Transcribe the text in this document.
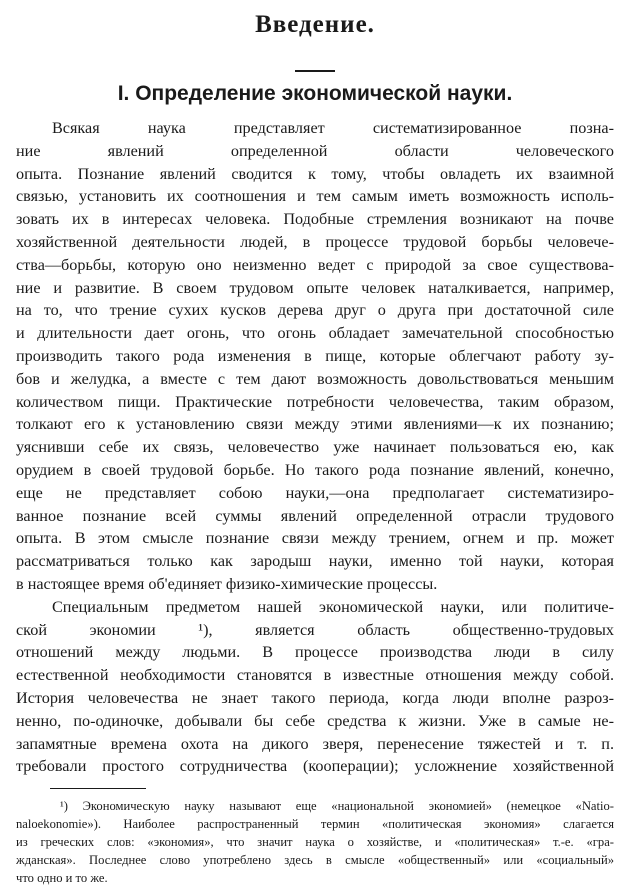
Введение.
I. Определение экономической науки.
Всякая наука представляет систематизированное позна-
ние явлений определенной области человеческого
опыта. Познание явлений сводится к тому, чтобы овладеть их взаимной
связью, установить их соотношения и тем самым иметь возможность исполь-
зовать их в интересах человека. Подобные стремления возникают на почве
хозяйственной деятельности людей, в процессе трудовой борьбы человече-
ства—борьбы, которую оно неизменно ведет с природой за свое существова-
ние и развитие. В своем трудовом опыте человек наталкивается, например,
на то, что трение сухих кусков дерева друг о друга при достаточной силе
и длительности дает огонь, что огонь обладает замечательной способностью
производить такого рода изменения в пище, которые облегчают работу зу-
бов и желудка, а вместе с тем дают возможность довольствоваться меньшим
количеством пищи. Практические потребности человечества, таким образом,
толкают его к установлению связи между этими явлениями—к их познанию;
уяснивши себе их связь, человечество уже начинает пользоваться ею, как
орудием в своей трудовой борьбе. Но такого рода познание явлений, конечно,
еще не представляет собою науки,—она предполагает систематизиро-
ванное познание всей суммы явлений определенной отрасли трудового
опыта. В этом смысле познание связи между трением, огнем и пр. может
рассматриваться только как зародыш науки, именно той науки, которая
в настоящее время об'единяет физико-химические процессы.
Специальным предметом нашей экономической науки, или политиче-
ской экономии ¹), является область общественно-трудовых
отношений между людьми. В процессе производства люди в силу
естественной необходимости становятся в известные отношения между собой.
История человечества не знает такого периода, когда люди вполне разроз-
ненно, по-одиночке, добывали бы себе средства к жизни. Уже в самые не-
запамятные времена охота на дикого зверя, перенесение тяжестей и т. п.
требовали простого сотрудничества (кооперации); усложнение хозяйственной
¹) Экономическую науку называют еще «национальной экономией» (немецкое «Natio-
nalоekonomie»). Наиболее распространенный термин «политическая экономия» слагается
из греческих слов: «экономия», что значит наука о хозяйстве, и «политическая» т.-е. «гра-
жданская». Последнее слово употреблено здесь в смысле «общественный» или «социальный»
что одно и то же.
